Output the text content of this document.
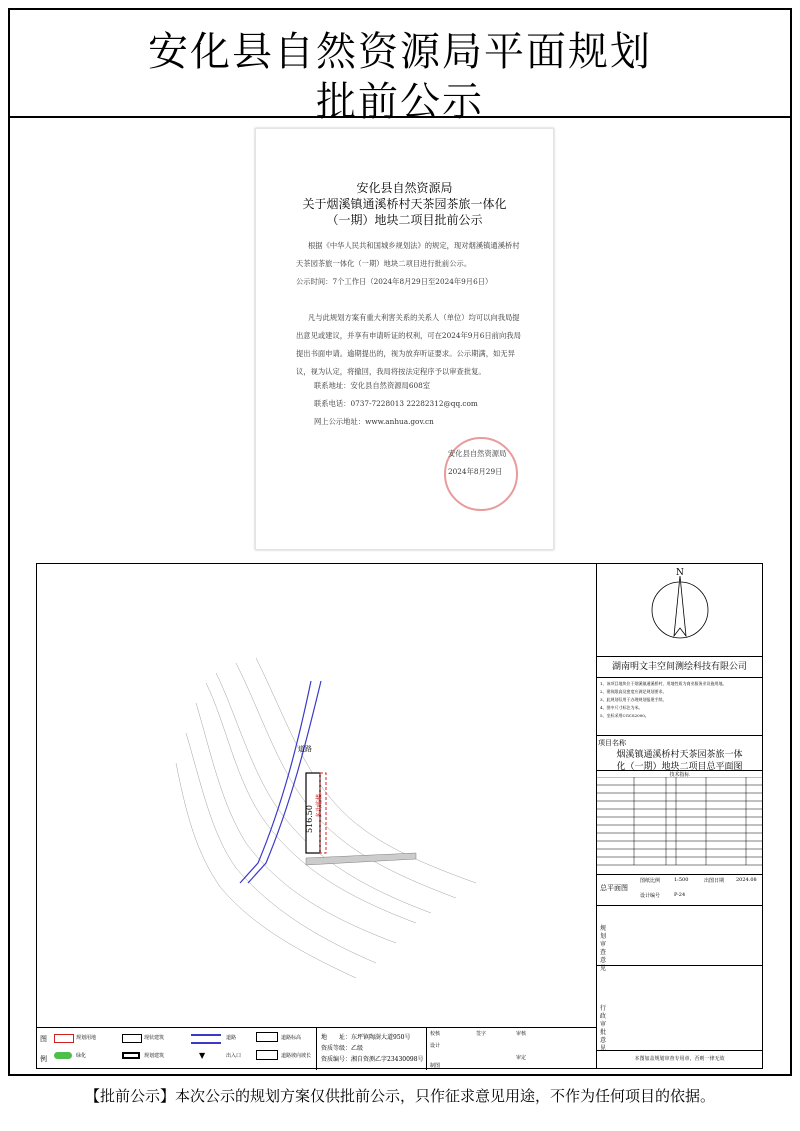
安化县自然资源局平面规划
批前公示
安化县自然资源局
关于烟溪镇通溪桥村天茶园茶旅一体化
（一期）地块二项目批前公示
根据《中华人民共和国城乡规划法》的规定，现对烟溪镇通溪桥村天茶园茶旅一体化（一期）地块二项目进行批前公示。
公示时间：7个工作日（2024年8月29日至2024年9月6日）
凡与此规划方案有重大利害关系的关系人（单位）均可以向我局提出意见或建议，并享有申请听证的权利，可在2024年9月6日前向我局提出书面申请。逾期提出的，视为放弃听证要求。公示期满，如无异议，视为认定，将撤回，我局将按法定程序予以审查批复。
联系地址：安化县自然资源局608室
联系电话：0737-7228013 22282312@qq.com
网上公示地址：www.anhua.gov.cn
安化县自然资源局
2024年8月29日
道路
516.50 多功能楼
N
湖南明文丰空间测绘科技有限公司
1、该项目地块位于烟溪镇通溪桥村，用地性质为商业服务业设施用地。
2、建筑限高及密度应满足规划要求。
3、此规划仅用于办理规划报建手续。
4、图中尺寸标注为米。
5、坐标采用CGCS2000。
项目名称
烟溪镇通溪桥村天茶园茶旅一体
化（一期）地块二项目总平面图
技术指标
总平面图
图纸比例	1:500	出图日期 2024.08
设计编号	P-24
规划审查意见
行政审批意见
本图加盖规划审查专用章，否则一律无效
图
例
规划用地
绿化
现状建筑
规划建筑
道路
▼	出入口
道路标高
道路坡向坡长
地　　址：东坪镇陶澍大道950号
资质等级：乙级
资质编号：湘自资测乙字23430098号
校核	签字	审核
设计
审定
制图
【批前公示】本次公示的规划方案仅供批前公示，只作征求意见用途，不作为任何项目的依据。
